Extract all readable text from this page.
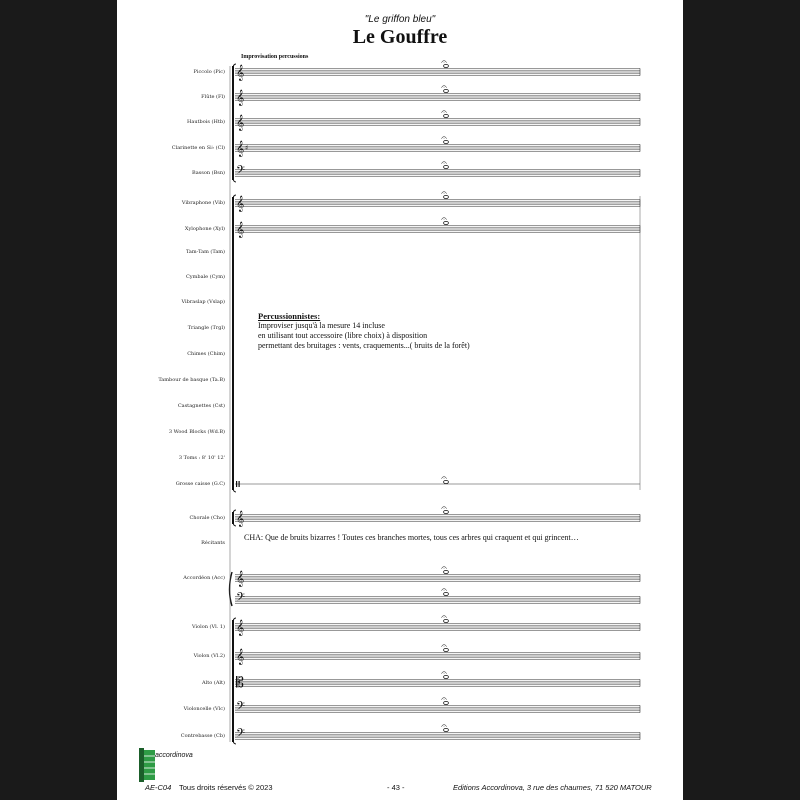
"Le griffon bleu"
Le Gouffre
Improvisation percussions
Piccolo (Pic)
Flûte (Fl)
Hautbois (Htb)
Clarinette en Si♭ (Cl)
Basson (Bsn)
Vibraphone (Vib)
Xylophone (Xyl)
Tam-Tam (Tam)
Cymbale (Cym)
Vibraslap (Vslap)
Triangle (Trgl)
Chimes (Chim)
Tambour de basque (Ta.B)
Castagnettes (Cst)
3 Wood Blocks (Wd.B)
3 Toms : 8' 10' 12'
Grosse caisse (G.C)
Chorale (Cho)
Récitants
Accordéon (Acc)
Violon (Vl. 1)
Violon (Vl.2)
Alto (Alt)
Violoncelle (Vlc)
Contrebasse (Cb)
𝄞
𝄐
𝄞
𝄐
𝄞
𝄐
𝄞 ♯
𝄐
𝄢
𝄐
𝄞
𝄐
𝄞
𝄐
𝄐
𝄞
𝄐
𝄞
𝄐
𝄞
𝄐
𝄞
𝄐
𝄡
𝄐
𝄢
𝄐
𝄢
𝄐
𝄢
𝄐
Percussionnistes:
Improviser jusqu'à la mesure 14 incluse
en utilisant tout accessoire (libre choix) à disposition
permettant des bruitages : vents, craquements...( bruits de la forêt)
CHA: Que de bruits bizarres ! Toutes ces branches mortes, tous ces arbres qui craquent et qui grincent…
accordinova
AE-C04 Tous droits réservés © 2023	- 43 -	Editions Accordinova, 3 rue des chaumes, 71 520 MATOUR
